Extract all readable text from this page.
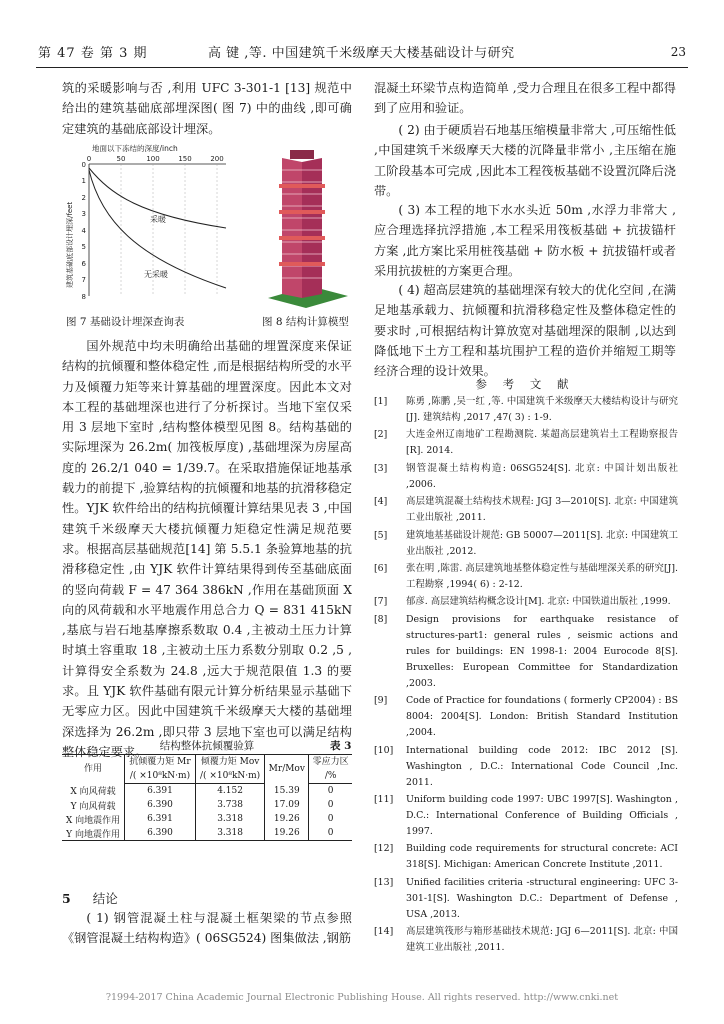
第 47 卷 第 3 期	高 键 ,等. 中国建筑千米级摩天大楼基础设计与研究	23

筑的采暖影响与否 ,利用 UFC 3-301-1 [13] 规范中给出的建筑基础底部埋深图( 图 7) 中的曲线 ,即可确定建筑的基础底部设计埋深。

地面以下冻结的深度/inch
0	50	100	150	200
0
1
2
3
4
5
6
7
8
建筑基础底部设计埋深/feet	采暖
无采暖
图 7 基础设计埋深查询表	图 8 结构计算模型

国外规范中均未明确给出基础的埋置深度来保证结构的抗倾覆和整体稳定性 ,而是根据结构所受的水平力及倾覆力矩等来计算基础的埋置深度。因此本文对本工程的基础埋深也进行了分析探讨。当地下室仅采用 3 层地下室时 ,结构整体模型见图 8。结构基础的实际埋深为 26.2m( 加筏板厚度) ,基础埋深为房屋高度的 26.2/1 040 = 1/39.7。在采取措施保证地基承载力的前提下 ,验算结构的抗倾覆和地基的抗滑移稳定性。YJK 软件给出的结构抗倾覆计算结果见表 3 ,中国建筑千米级摩天大楼抗倾覆力矩稳定性满足规范要求。根据高层基础规范[14] 第 5.5.1 条验算地基的抗滑移稳定性 ,由 YJK 软件计算结果得到传至基础底面的竖向荷载 F = 47 364 386kN ,作用在基础顶面 X 向的风荷载和水平地震作用总合力 Q = 831 415kN ,基底与岩石地基摩擦系数取 0.4 ,主被动土压力计算时填土容重取 18 ,主被动土压力系数分别取 0.2 ,5 ,计算得安全系数为 24.8 ,远大于规范限值 1.3 的要求。且 YJK 软件基础有限元计算分析结果显示基础下无零应力区。因此中国建筑千米级摩天大楼的基础埋深选择为 26.2m ,即只带 3 层地下室也可以满足结构整体稳定要求。	结构整体抗倾覆验算	表 3
作用	抗倾覆力矩 Mr	倾覆力矩 Mov	Mr/Mov	零应力区
	/( ×10⁸kN·m)	/( ×10⁸kN·m)		/%
X 向风荷载	6.391	4.152	15.39	0
Y 向风荷载	6.390	3.738	17.09	0
X 向地震作用	6.391	3.318	19.26	0
Y 向地震作用	6.390	3.318	19.26	0
5 结论

( 1) 钢管混凝土柱与混凝土框架梁的节点参照《钢管混凝土结构构造》( 06SG524) 图集做法 ,钢筋

混凝土环梁节点构造简单 ,受力合理且在很多工程中都得到了应用和验证。

( 2) 由于硬质岩石地基压缩模量非常大 ,可压缩性低 ,中国建筑千米级摩天大楼的沉降量非常小 ,主压缩在施工阶段基本可完成 ,因此本工程筏板基础不设置沉降后浇带。

( 3) 本工程的地下水水头近 50m ,水浮力非常大 ,应合理选择抗浮措施 ,本工程采用筏板基础 + 抗拔锚杆方案 ,此方案比采用桩筏基础 + 防水板 + 抗拔锚杆或者采用抗拔桩的方案更合理。

( 4) 超高层建筑的基础埋深有较大的优化空间 ,在满足地基承载力、抗倾覆和抗滑移稳定性及整体稳定性的要求时 ,可根据结构计算放宽对基础埋深的限制 ,以达到降低地下土方工程和基坑围护工程的造价并缩短工期等经济合理的设计效果。

参 考 文 献
[1] 陈勇 ,陈鹏 ,吴一红 ,等. 中国建筑千米级摩天大楼结构设计与研究[J]. 建筑结构 ,2017 ,47( 3) : 1-9.
[2] 大连金州辽南地矿工程勘测院. 某超高层建筑岩土工程勘察报告[R]. 2014.
[3] 钢管混凝土结构构造: 06SG524[S]. 北京: 中国计划出版社 ,2006.
[4] 高层建筑混凝土结构技术规程: JGJ 3—2010[S]. 北京: 中国建筑工业出版社 ,2011.
[5] 建筑地基基础设计规范: GB 50007—2011[S]. 北京: 中国建筑工业出版社 ,2012.
[6] 张在明 ,陈雷. 高层建筑地基整体稳定性与基础埋深关系的研究[J]. 工程勘察 ,1994( 6) : 2-12.
[7] 郁彦. 高层建筑结构概念设计[M]. 北京: 中国铁道出版社 ,1999.
[8] Design provisions for earthquake resistance of structures-part1: general rules , seismic actions and rules for buildings: EN 1998-1: 2004 Eurocode 8[S]. Bruxelles: European Committee for Standardization ,2003.
[9] Code of Practice for foundations ( formerly CP2004) : BS 8004: 2004[S]. London: British Standard Institution ,2004.
[10] International building code 2012: IBC 2012 [S]. Washington , D.C.: International Code Council ,Inc. 2011.
[11] Uniform building code 1997: UBC 1997[S]. Washington , D.C.: International Conference of Building Officials , 1997.
[12] Building code requirements for structural concrete: ACI 318[S]. Michigan: American Concrete Institute ,2011.
[13] Unified facilities criteria -structural engineering: UFC 3-301-1[S]. Washington D.C.: Department of Defense , USA ,2013.
[14] 高层建筑筏形与箱形基础技术规范: JGJ 6—2011[S]. 北京: 中国建筑工业出版社 ,2011.
?1994-2017 China Academic Journal Electronic Publishing House. All rights reserved. http://www.cnki.net
